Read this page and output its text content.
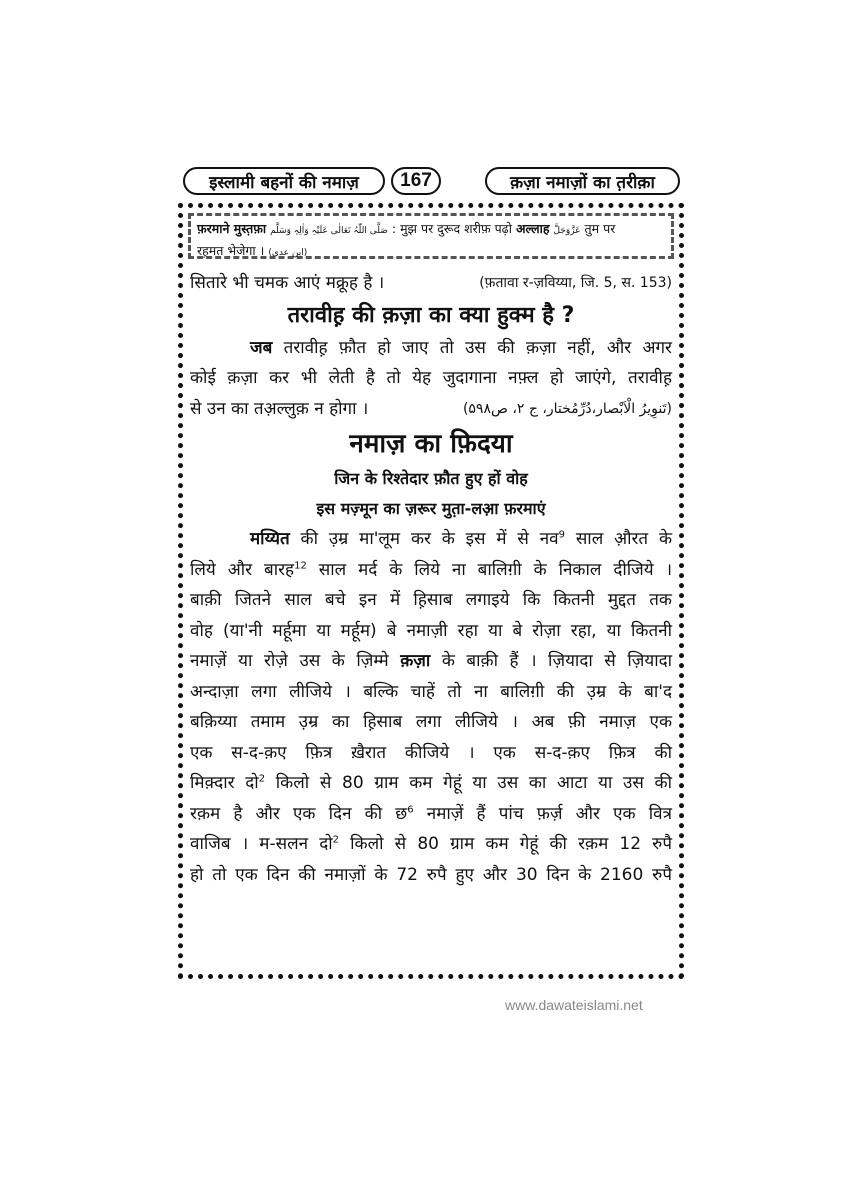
इस्लामी बहनों की नमाज़	167	क़ज़ा नमाज़ों का त़रीक़ा
फ़रमाने मुस्त़फ़ा صَلَّى اللّٰہُ تَعَالٰی عَلَیْہِ وَاٰلِہٖ وَسَلَّم : मुझ पर दुरूद शरीफ़ पढ़ो अल्लाह عَزَّوَجَلَّ तुम पर
रह़मत भेजेगा । (ابن عدی)
सितारे भी चमक आएं मक्रूह है ।	(फ़तावा र-ज़विय्या, जि. 5, स. 153)
तरावीह़ की क़ज़ा का क्या हुक्म है ?
जब तरावीह़ फ़ौत हो जाए तो उस की क़ज़ा नहीं, और अगर
कोई क़ज़ा कर भी लेती है तो येह जुदागाना नफ़्ल हो जाएंगे, तरावीह़
से उन का तअ़ल्लुक़ न होगा ।	(تَنوِیرُ الْاَبْصار،دُرِّمُختار، ج ۲، ص۵۹۸)
नमाज़ का फ़िदया
जिन के रिश्तेदार फ़ौत हुए हों वोह
इस मज़्मून का ज़रूर मुत़ा-लआ़ फ़रमाएं
मय्यित की उ़म्र मा'लूम कर के इस में से नव$^9$ साल औ़रत के
लिये और बारह$^{12}$ साल मर्द के लिये ना बालिग़ी के निकाल दीजिये ।
बाक़ी जितने साल बचे इन में ह़िसाब लगाइये कि कितनी मुद्दत तक
वोह (या'नी मर्हूमा या मर्हूम) बे नमाज़ी रहा या बे रोज़ा रहा, या कितनी
नमाज़ें या रोज़े उस के ज़िम्मे क़ज़ा के बाक़ी हैं । ज़ियादा से ज़ियादा
अन्दाज़ा लगा लीजिये । बल्कि चाहें तो ना बालिग़ी की उ़म्र के बा'द
बक़िय्या तमाम उ़म्र का ह़िसाब लगा लीजिये । अब फ़ी नमाज़ एक
एक स-द-क़ए फ़ित्र ख़ैरात कीजिये । एक स-द-क़ए फ़ित्र की
मिक़्दार दो$^2$ किलो से 80 ग्राम कम गेहूं या उस का आटा या उस की
रक़म है और एक दिन की छ$^6$ नमाज़ें हैं पांच फ़र्ज़ और एक वित्र
वाजिब । म-सलन दो$^2$ किलो से 80 ग्राम कम गेहूं की रक़म 12 रुपै
हो तो एक दिन की नमाज़ों के 72 रुपै हुए और 30 दिन के 2160 रुपै
www.dawateislami.net
